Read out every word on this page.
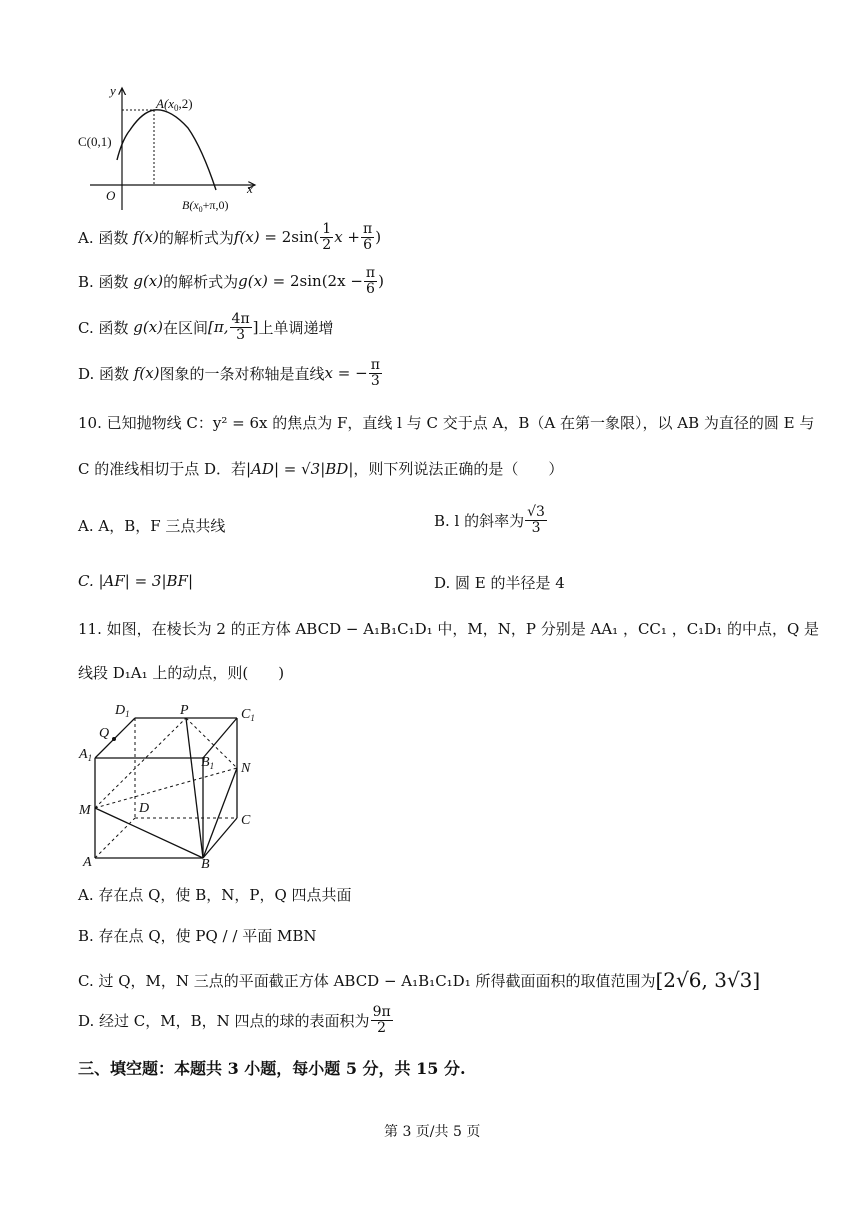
y
x
O
$A(x_0,2)$
C(0,1)
$B(x_0+\pi,0)$
A. 函数
f(x) 的解析式为 f(x)
= $2\sin( \frac{1}{2}$ $x + \frac{\pi}{6}$ )
B. 函数
g(x) 的解析式为 g(x)
= $2\sin(2x - \frac{\pi}{6}$ )
C. 函数
g(x) 在区间 [π, $\frac{4\pi}{3}$ ] 上单调递增
D. 函数
f(x) 图象的一条对称轴是直线 x = − $\frac{\pi}{3}$
10. 已知抛物线 C：y² = 6x 的焦点为 F，直线 l 与 C 交于点 A，B（A 在第一象限），以 AB 为直径的圆 E 与
C 的准线相切于点 D．若 |AD| = √3|BD| ，则下列说法正确的是（　　）
A. A，B，F 三点共线	B. l 的斜率为 $\frac{√3}{3}$
C. |AF| = 3|BF|	D. 圆 E 的半径是 4
11. 如图，在棱长为 2 的正方体 ABCD − A₁B₁C₁D₁ 中，M，N，P 分别是 AA₁ ，CC₁ ，C₁D₁ 的中点，Q 是
线段 D₁A₁ 上的动点，则(　　)
$D_1$	P	$C_1$
Q
$A_1$	$B_1$ N
M	D
C
A	B
A. 存在点 Q，使 B，N，P，Q 四点共面
B. 存在点 Q，使 PQ / / 平面 MBN
C. 过 Q，M，N 三点的平面截正方体 ABCD − A₁B₁C₁D₁ 所得截面面积的取值范围为 [2√6, 3√3]
D. 经过 C，M，B，N 四点的球的表面积为 $\frac{9\pi}{2}$
三、填空题：本题共 3 小题，每小题 5 分，共 15 分.
第 3 页/共 5 页
